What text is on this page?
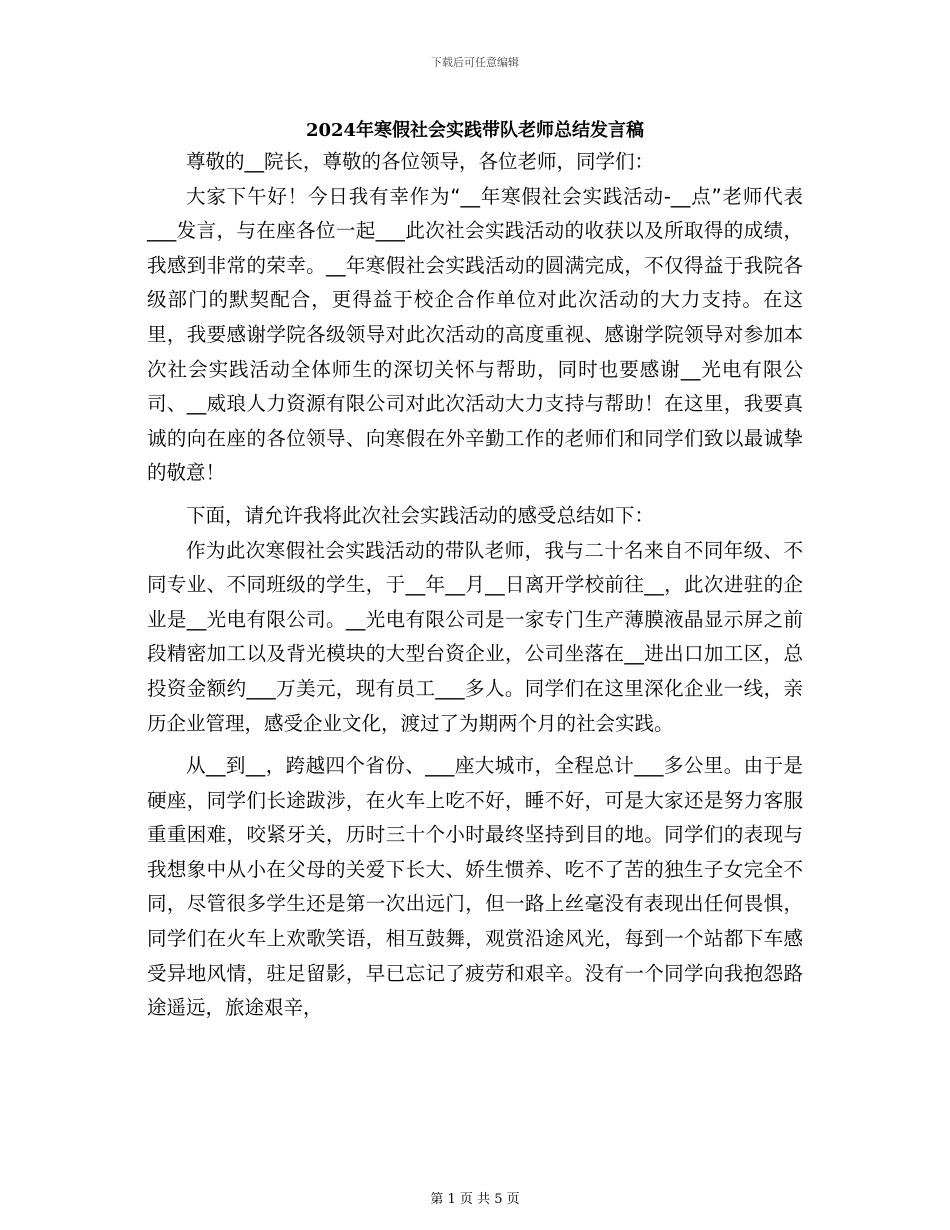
下载后可任意编辑
2024年寒假社会实践带队老师总结发言稿

尊敬的__院长，尊敬的各位领导，各位老师，同学们：

大家下午好！今日我有幸作为“__年寒假社会实践活动-__点”老师代表___发言，与在座各位一起___此次社会实践活动的收获以及所取得的成绩，我感到非常的荣幸。__年寒假社会实践活动的圆满完成，不仅得益于我院各级部门的默契配合，更得益于校企合作单位对此次活动的大力支持。在这里，我要感谢学院各级领导对此次活动的高度重视、感谢学院领导对参加本次社会实践活动全体师生的深切关怀与帮助，同时也要感谢__光电有限公司、__威琅人力资源有限公司对此次活动大力支持与帮助！在这里，我要真诚的向在座的各位领导、向寒假在外辛勤工作的老师们和同学们致以最诚挚的敬意！

下面，请允许我将此次社会实践活动的感受总结如下：

作为此次寒假社会实践活动的带队老师，我与二十名来自不同年级、不同专业、不同班级的学生，于__年__月__日离开学校前往__，此次进驻的企业是__光电有限公司。__光电有限公司是一家专门生产薄膜液晶显示屏之前段精密加工以及背光模块的大型台资企业，公司坐落在__进出口加工区，总投资金额约___万美元，现有员工___多人。同学们在这里深化企业一线，亲历企业管理，感受企业文化，渡过了为期两个月的社会实践。

从__到__，跨越四个省份、___座大城市，全程总计___多公里。由于是硬座，同学们长途跋涉，在火车上吃不好，睡不好，可是大家还是努力客服重重困难，咬紧牙关，历时三十个小时最终坚持到目的地。同学们的表现与我想象中从小在父母的关爱下长大、娇生惯养、吃不了苦的独生子女完全不同，尽管很多学生还是第一次出远门，但一路上丝毫没有表现出任何畏惧，同学们在火车上欢歌笑语，相互鼓舞，观赏沿途风光，每到一个站都下车感受异地风情，驻足留影，早已忘记了疲劳和艰辛。没有一个同学向我抱怨路途遥远，旅途艰辛，

第 1 页 共 5 页
